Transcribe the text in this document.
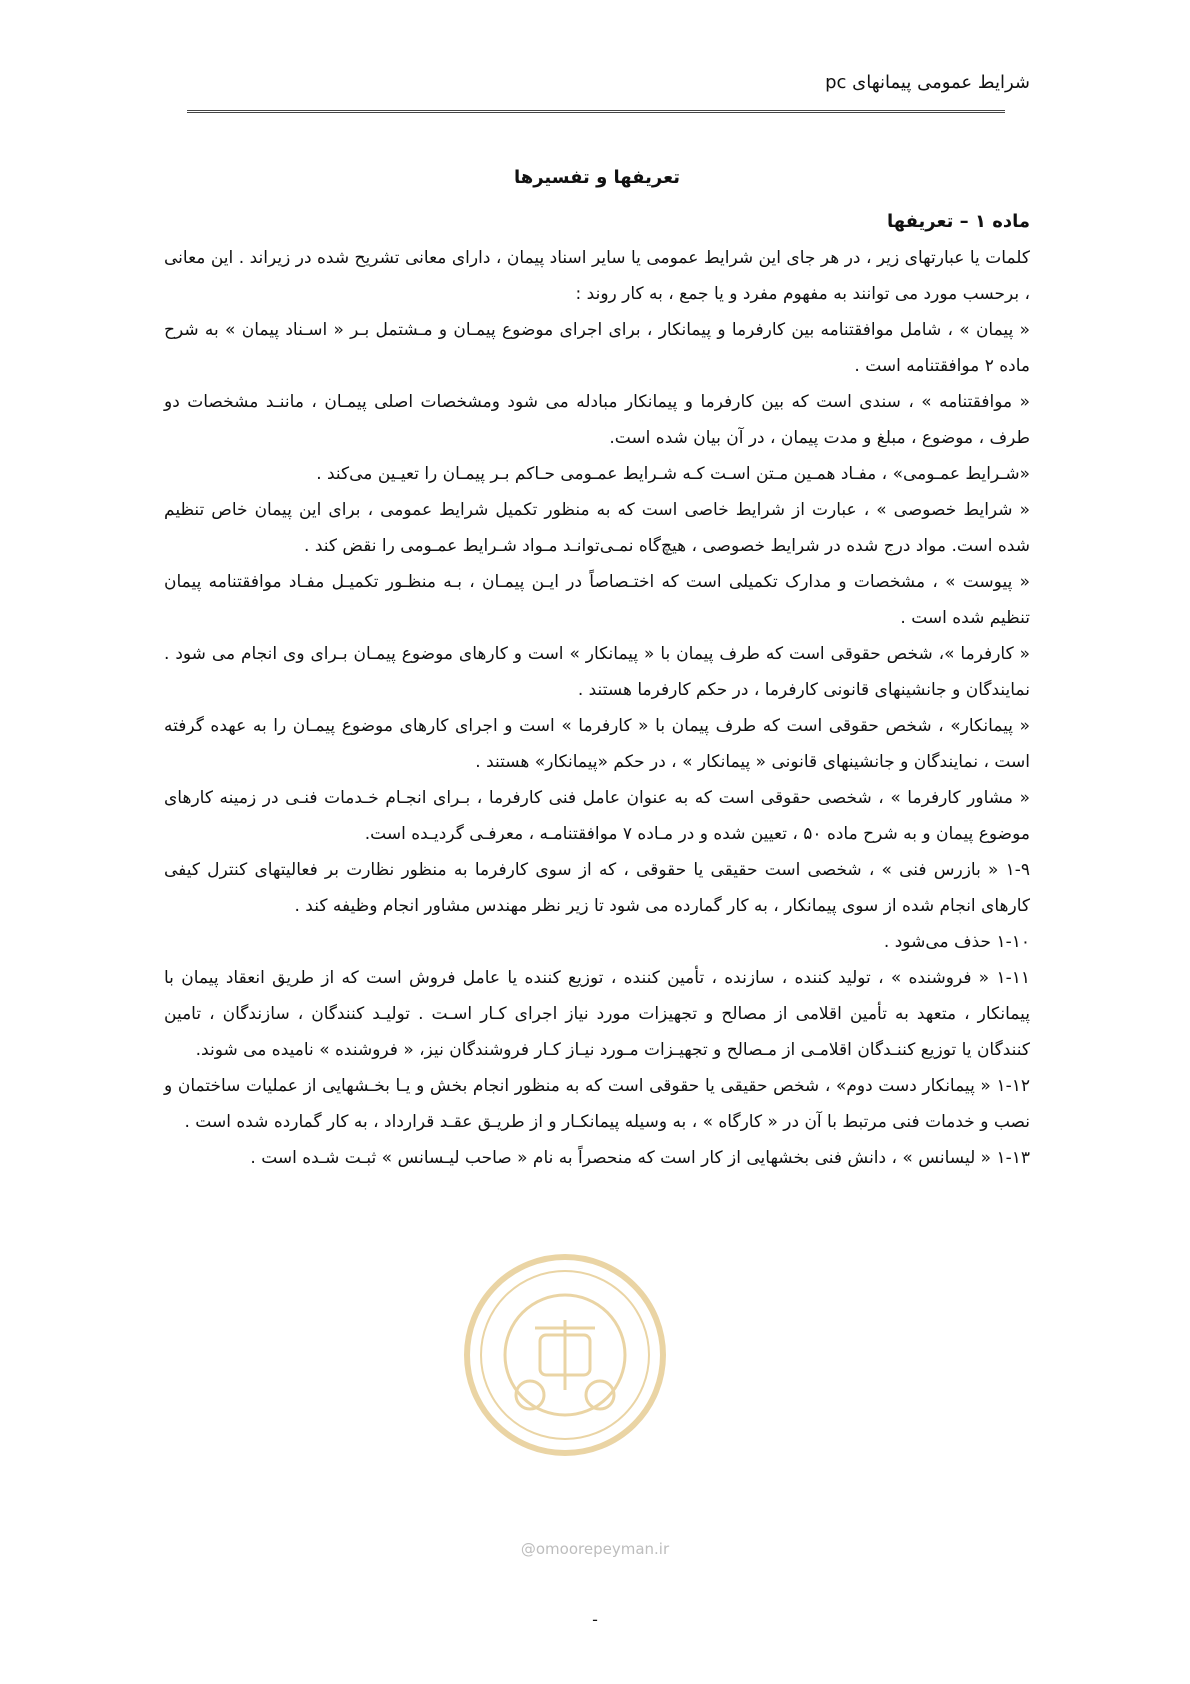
شرایط عمومی پیمانهای pc
تعریفها و تفسیرها
ماده ۱ – تعریفها

کلمات یا عبارتهای زیر ، در هر جای این شرایط عمومی یا سایر اسناد پیمان ، دارای معانی تشریح شده در زیراند . این معانی ، برحسب مورد می توانند به مفهوم مفرد و یا جمع ، به کار روند :

« پیمان » ، شامل موافقتنامه بین کارفرما و پیمانکار ، برای اجرای موضوع پیمـان و مـشتمل بـر « اسـناد پیمان » به شرح ماده ۲ موافقتنامه است .

« موافقتنامه » ، سندی است که بین کارفرما و پیمانکار مبادله می شود ومشخصات اصلی پیمـان ، ماننـد مشخصات دو طرف ، موضوع ، مبلغ و مدت پیمان ، در آن بیان شده است.

«شـرایط عمـومی» ، مفـاد همـین مـتن اسـت کـه شـرایط عمـومی حـاکم بـر پیمـان را تعیـین می‌کند .

« شرایط خصوصی » ، عبارت از شرایط خاصی است که به منظور تکمیل شرایط عمومی ، برای این پیمان خاص تنظیم شده است. مواد درج شده در شرایط خصوصی ، هیچ‌گاه نمـی‌توانـد مـواد شـرایط عمـومی را نقض کند .

« پیوست » ، مشخصات و مدارک تکمیلی است که اختـصاصاً در ایـن پیمـان ، بـه منظـور تکمیـل مفـاد موافقتنامه پیمان تنظیم شده است .

« کارفرما »، شخص حقوقی است که طرف پیمان با « پیمانکار » است و کارهای موضوع پیمـان بـرای وی انجام می شود . نمایندگان و جانشینهای قانونی کارفرما ، در حکم کارفرما هستند .

« پیمانکار» ، شخص حقوقی است که طرف پیمان با « کارفرما » است و اجرای کارهای موضوع پیمـان را به عهده گرفته است ، نمایندگان و جانشینهای قانونی « پیمانکار » ، در حکم «پیمانکار» هستند .

« مشاور کارفرما » ، شخصی حقوقی است که به عنوان عامل فنی کارفرما ، بـرای انجـام خـدمات فنـی در زمینه کارهای موضوع پیمان و به شرح ماده ۵۰ ، تعیین شده و در مـاده ۷ موافقتنامـه ، معرفـی گردیـده است.

۱-۹ « بازرس فنی » ، شخصی است حقیقی یا حقوقی ، که از سوی کارفرما به منظور نظارت بر فعالیتهای کنترل کیفی کارهای انجام شده از سوی پیمانکار ، به کار گمارده می شود تا زیر نظر مهندس مشاور انجام وظیفه کند .

۱-۱۰ حذف می‌شود .

۱-۱۱ « فروشنده » ، تولید کننده ، سازنده ، تأمین کننده ، توزیع کننده یا عامل فروش است که از طریق انعقاد پیمان با پیمانکار ، متعهد به تأمین اقلامی از مصالح و تجهیزات مورد نیاز اجرای کـار اسـت . تولیـد کنندگان ، سازندگان ، تامین کنندگان یا توزیع کننـدگان اقلامـی از مـصالح و تجهیـزات مـورد نیـاز کـار فروشندگان نیز، « فروشنده » نامیده می شوند.

۱-۱۲ « پیمانکار دست دوم» ، شخص حقیقی یا حقوقی است که به منظور انجام بخش و یـا بخـشهایی از عملیات ساختمان و نصب و خدمات فنی مرتبط با آن در « کارگاه » ، به وسیله پیمانکـار و از طریـق عقـد قرارداد ، به کار گمارده شده است .

۱-۱۳ « لیسانس » ، دانش فنی بخشهایی از کار است که منحصراً به نام « صاحب لیـسانس » ثبـت شـده است .

@omoorepeyman.ir
-
